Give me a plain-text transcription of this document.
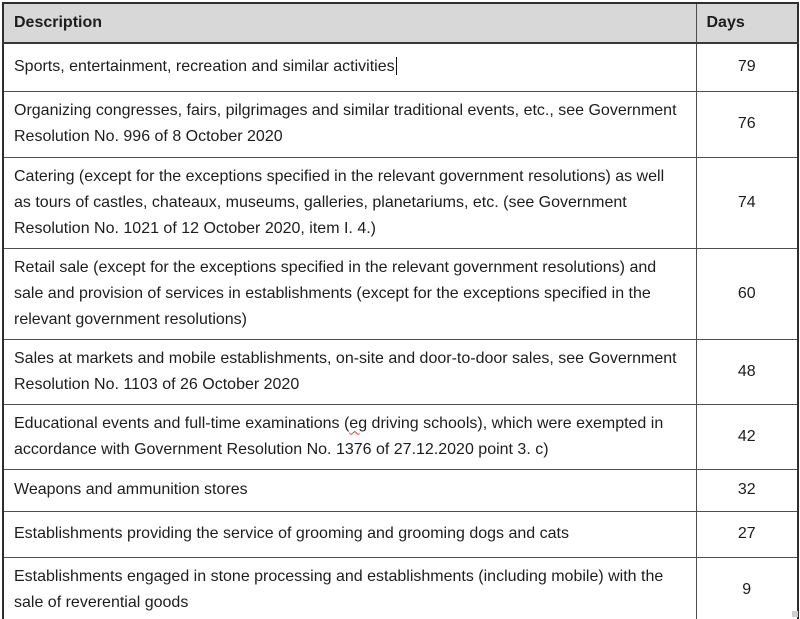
Description	Days
Sports, entertainment, recreation and similar activities	79
Organizing congresses, fairs, pilgrimages and similar traditional events, etc., see Government Resolution No. 996 of 8 October 2020	76
Catering (except for the exceptions specified in the relevant government resolutions) as well as tours of castles, chateaux, museums, galleries, planetariums, etc. (see Government Resolution No. 1021 of 12 October 2020, item I. 4.)	74
Retail sale (except for the exceptions specified in the relevant government resolutions) and sale and provision of services in establishments (except for the exceptions specified in the relevant government resolutions)	60
Sales at markets and mobile establishments, on-site and door-to-door sales, see Government Resolution No. 1103 of 26 October 2020	48
Educational events and full-time examinations (eg driving schools), which were exempted in accordance with Government Resolution No. 1376 of 27.12.2020 point 3. c)	42
Weapons and ammunition stores	32
Establishments providing the service of grooming and grooming dogs and cats	27
Establishments engaged in stone processing and establishments (including mobile) with the sale of reverential goods	9
